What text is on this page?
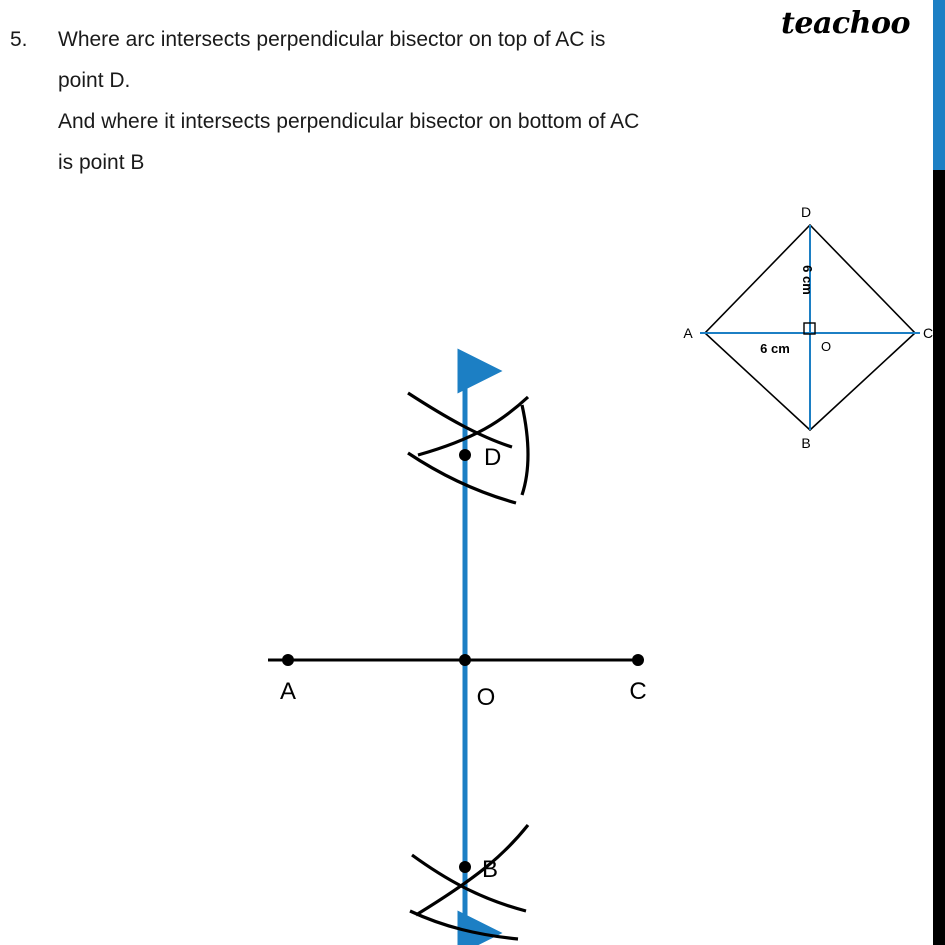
teachoo
5.	Where arc intersects perpendicular bisector on top of AC is

point D.

And where it intersects perpendicular bisector on bottom of AC

is point B

D
B
A	C
O
6 cm
6 cm
A	C
O
D
B
